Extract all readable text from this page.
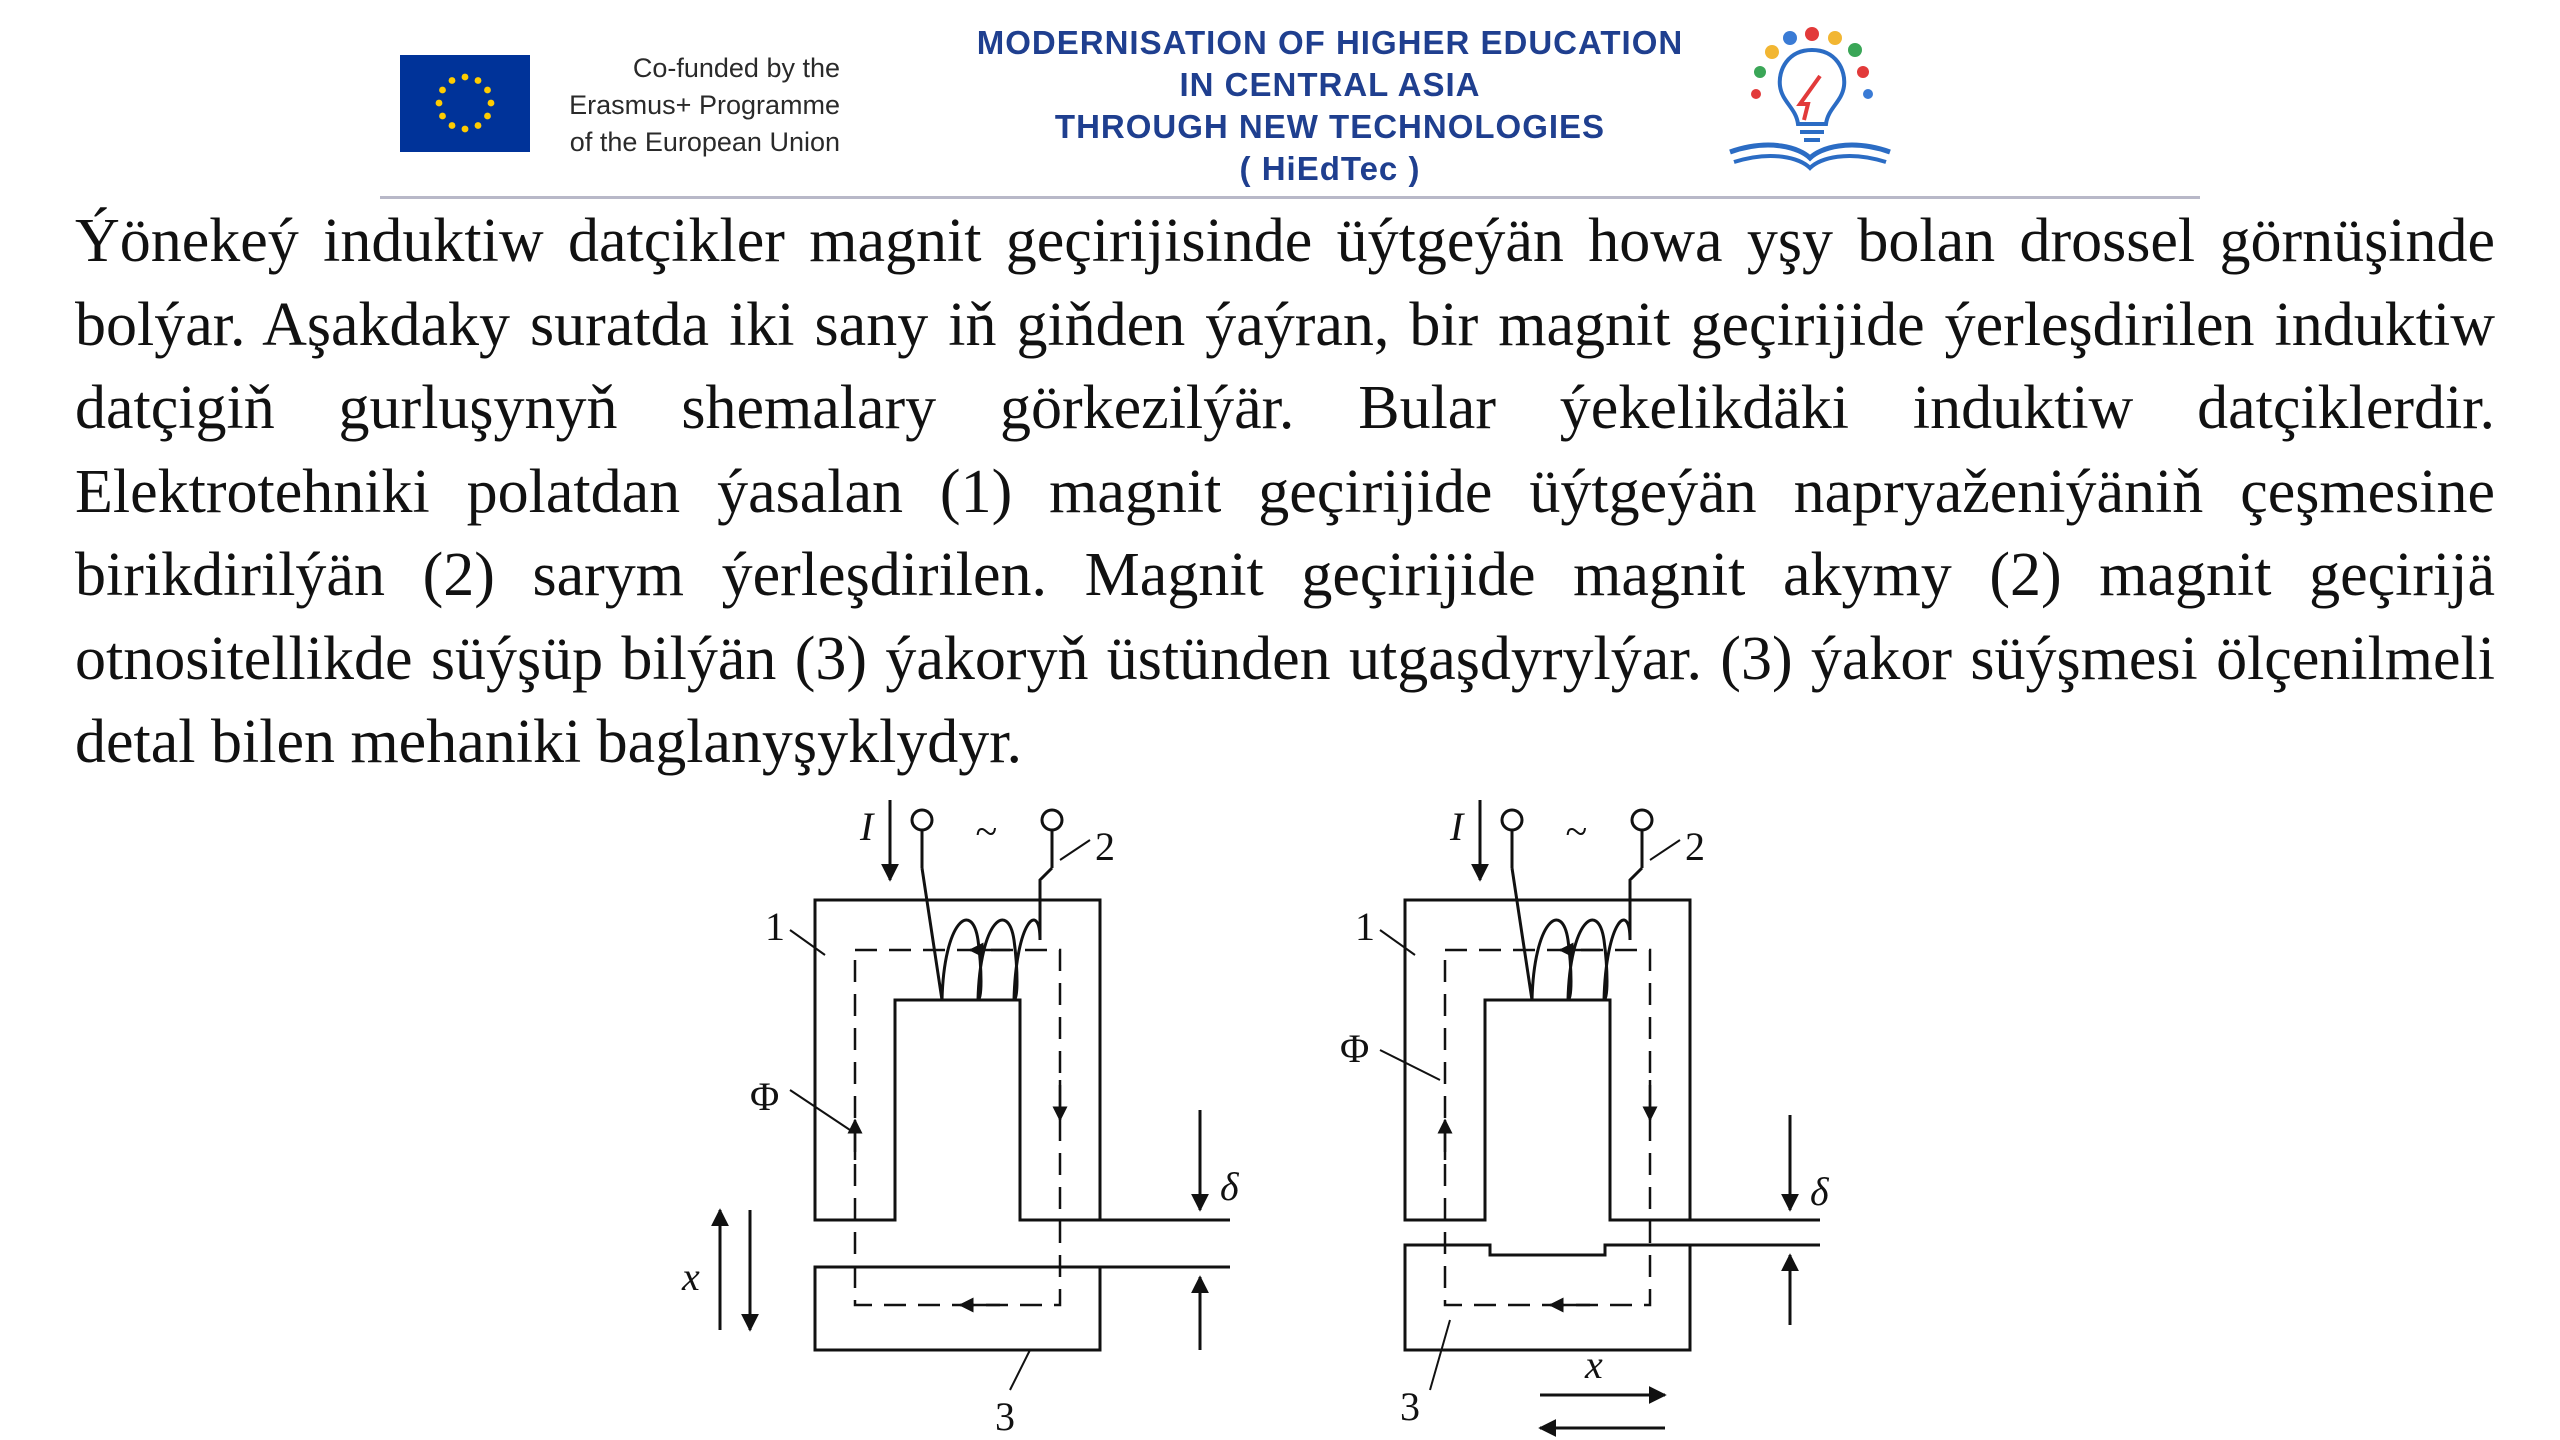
Co-funded by the
Erasmus+ Programme
of the European Union
MODERNISATION OF HIGHER EDUCATION
IN CENTRAL ASIA
THROUGH NEW TECHNOLOGIES
( HiEdTec )

Ýönekeý induktiw datçikler magnit geçirijisinde üýtgeýän howa yşy bolan drossel görnüşinde bolýar. Aşakdaky suratda iki sany iň giňden ýaýran, bir magnit geçirijide ýerleşdirilen induktiw datçigiň gurluşynyň shemalary görkezilýär. Bular ýekelikdäki induktiw datçiklerdir. Elektrotehniki polatdan ýasalan (1) magnit geçirijide üýtgeýän napryaženiýäniň çeşmesine birikdirilýän (2) sarym ýerleşdirilen. Magnit geçirijide magnit akymy (2) magnit geçirijä otnositellikde süýşüp bilýän (3) ýakoryň üstünden utgaşdyrylýar. (3) ýakor süýşmesi ölçenilmeli detal bilen mehaniki baglanyşyklydyr.

I	~ 2
1
Φ
δ
x
3
I	~ 2
1
Φ
δ
x
3
